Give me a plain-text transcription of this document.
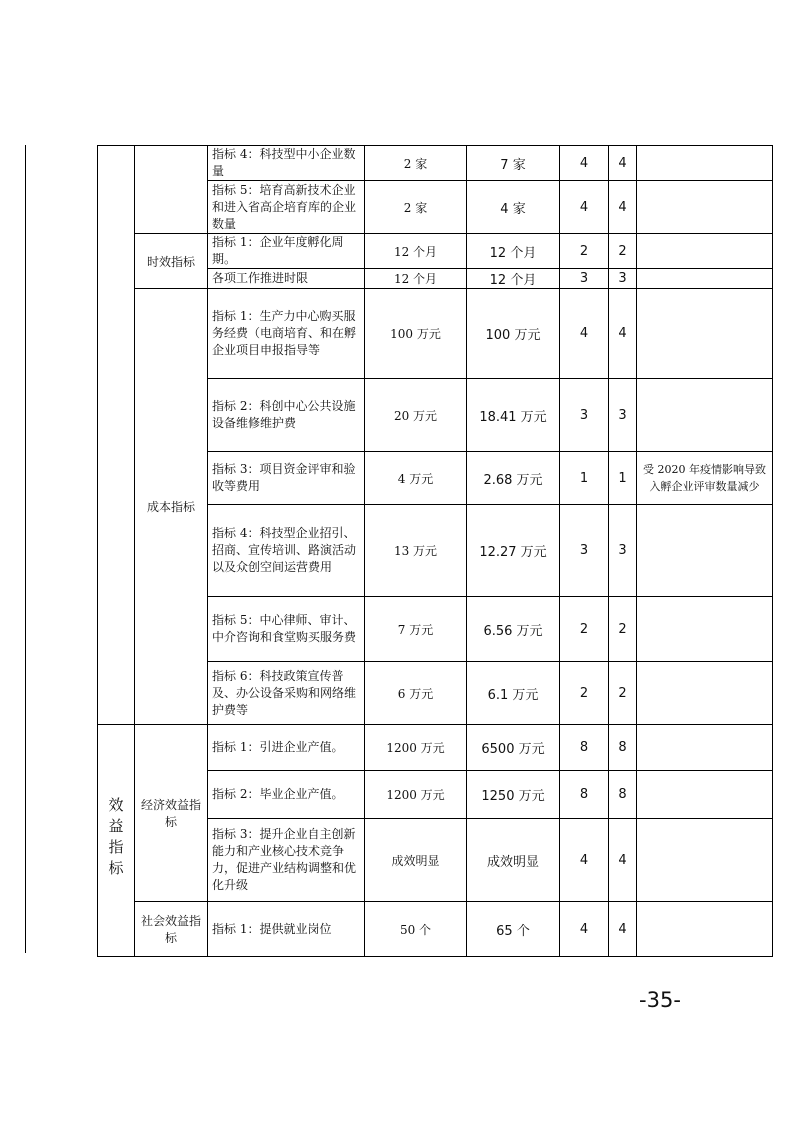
		指标 4：科技型中小企业数量	2 家	7 家	4	4	
		指标 5：培育高新技术企业和进入省高企培育库的企业数量	2 家	4 家	4	4	
	时效指标	指标 1：企业年度孵化周期。	12 个月	12 个月	2	2	
		各项工作推进时限	12 个月	12 个月	3	3	
	成本指标	指标 1：生产力中心购买服务经费（电商培育、和在孵企业项目申报指导等	100 万元	100 万元	4	4	
		指标 2：科创中心公共设施设备维修维护费	20 万元	18.41 万元	3	3	
		指标 3：项目资金评审和验收等费用	4 万元	2.68 万元	1	1	受 2020 年疫情影响导致入孵企业评审数量减少
		指标 4：科技型企业招引、招商、宣传培训、路演活动以及众创空间运营费用	13 万元	12.27 万元	3	3	
		指标 5：中心律师、审计、中介咨询和食堂购买服务费	7 万元	6.56 万元	2	2	
		指标 6：科技政策宣传普及、办公设备采购和网络维护费等	6 万元	6.1 万元	2	2	
效益指标	经济效益指标	指标 1：引进企业产值。	1200 万元	6500 万元	8	8	
		指标 2：毕业企业产值。	1200 万元	1250 万元	8	8	
		指标 3：提升企业自主创新能力和产业核心技术竞争力，促进产业结构调整和优化升级	成效明显	成效明显	4	4	
	社会效益指标	指标 1：提供就业岗位	50 个	65 个	4	4	
-35-
